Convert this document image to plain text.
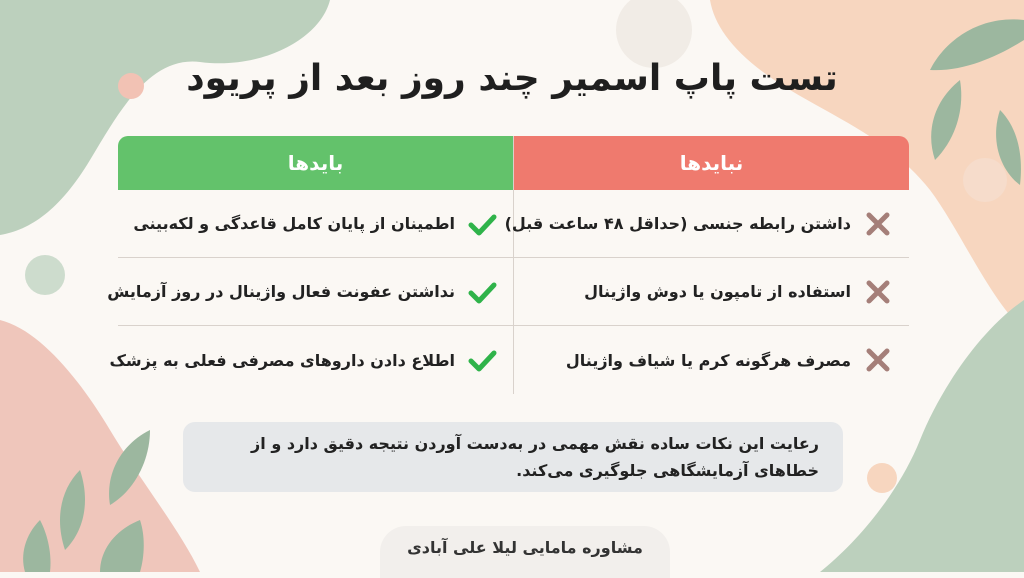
تست پاپ اسمیر چند روز بعد از پریود
بایدها
اطمینان از پایان کامل قاعدگی و لکه‌بینی
نداشتن عفونت فعال واژینال در روز آزمایش
اطلاع دادن داروهای مصرفی فعلی به پزشک
نبایدها
داشتن رابطه جنسی (حداقل ۴۸ ساعت قبل)
استفاده از تامپون یا دوش واژینال
مصرف هرگونه کرم یا شیاف واژینال
رعایت این نکات ساده نقش مهمی در به‌دست آوردن نتیجه دقیق دارد و از خطاهای آزمایشگاهی جلوگیری می‌کند.
مشاوره مامایی لیلا علی آبادی
